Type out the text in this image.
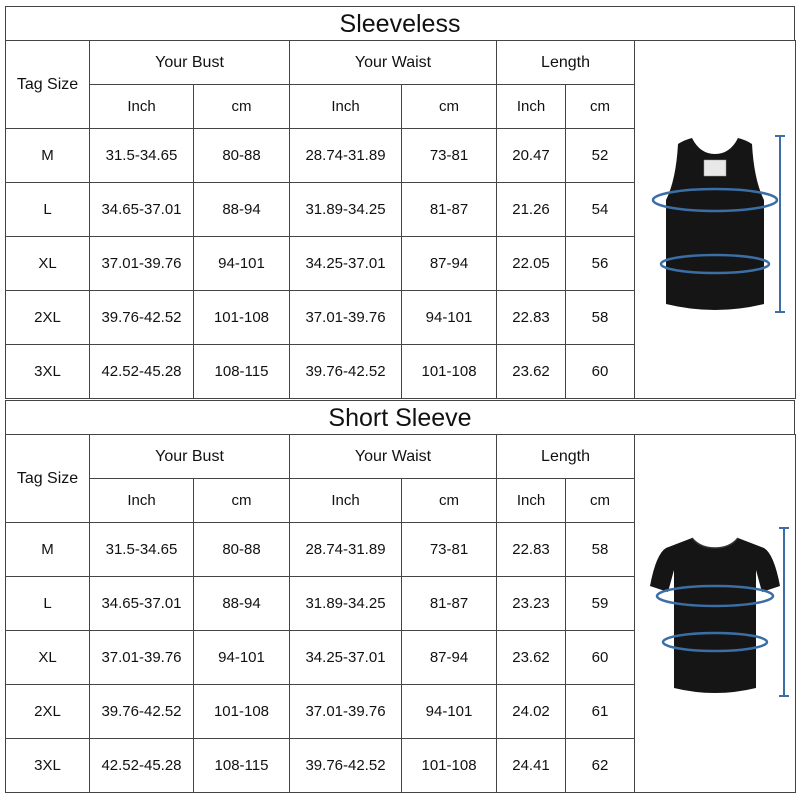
Sleeveless
Tag Size	Your Bust		Your Waist		Length	

	Inch	cm	Inch	cm	Inch	cm	
M	31.5-34.65	80-88	28.74-31.89	73-81	20.47	52	
L	34.65-37.01	88-94	31.89-34.25	81-87	21.26	54	
XL	37.01-39.76	94-101	34.25-37.01	87-94	22.05	56	
2XL	39.76-42.52	101-108	37.01-39.76	94-101	22.83	58	
3XL	42.52-45.28	108-115	39.76-42.52	101-108	23.62	60	
Short Sleeve
Tag Size	Your Bust		Your Waist		Length	

	Inch	cm	Inch	cm	Inch	cm	
M	31.5-34.65	80-88	28.74-31.89	73-81	22.83	58	
L	34.65-37.01	88-94	31.89-34.25	81-87	23.23	59	
XL	37.01-39.76	94-101	34.25-37.01	87-94	23.62	60	
2XL	39.76-42.52	101-108	37.01-39.76	94-101	24.02	61	
3XL	42.52-45.28	108-115	39.76-42.52	101-108	24.41	62	
